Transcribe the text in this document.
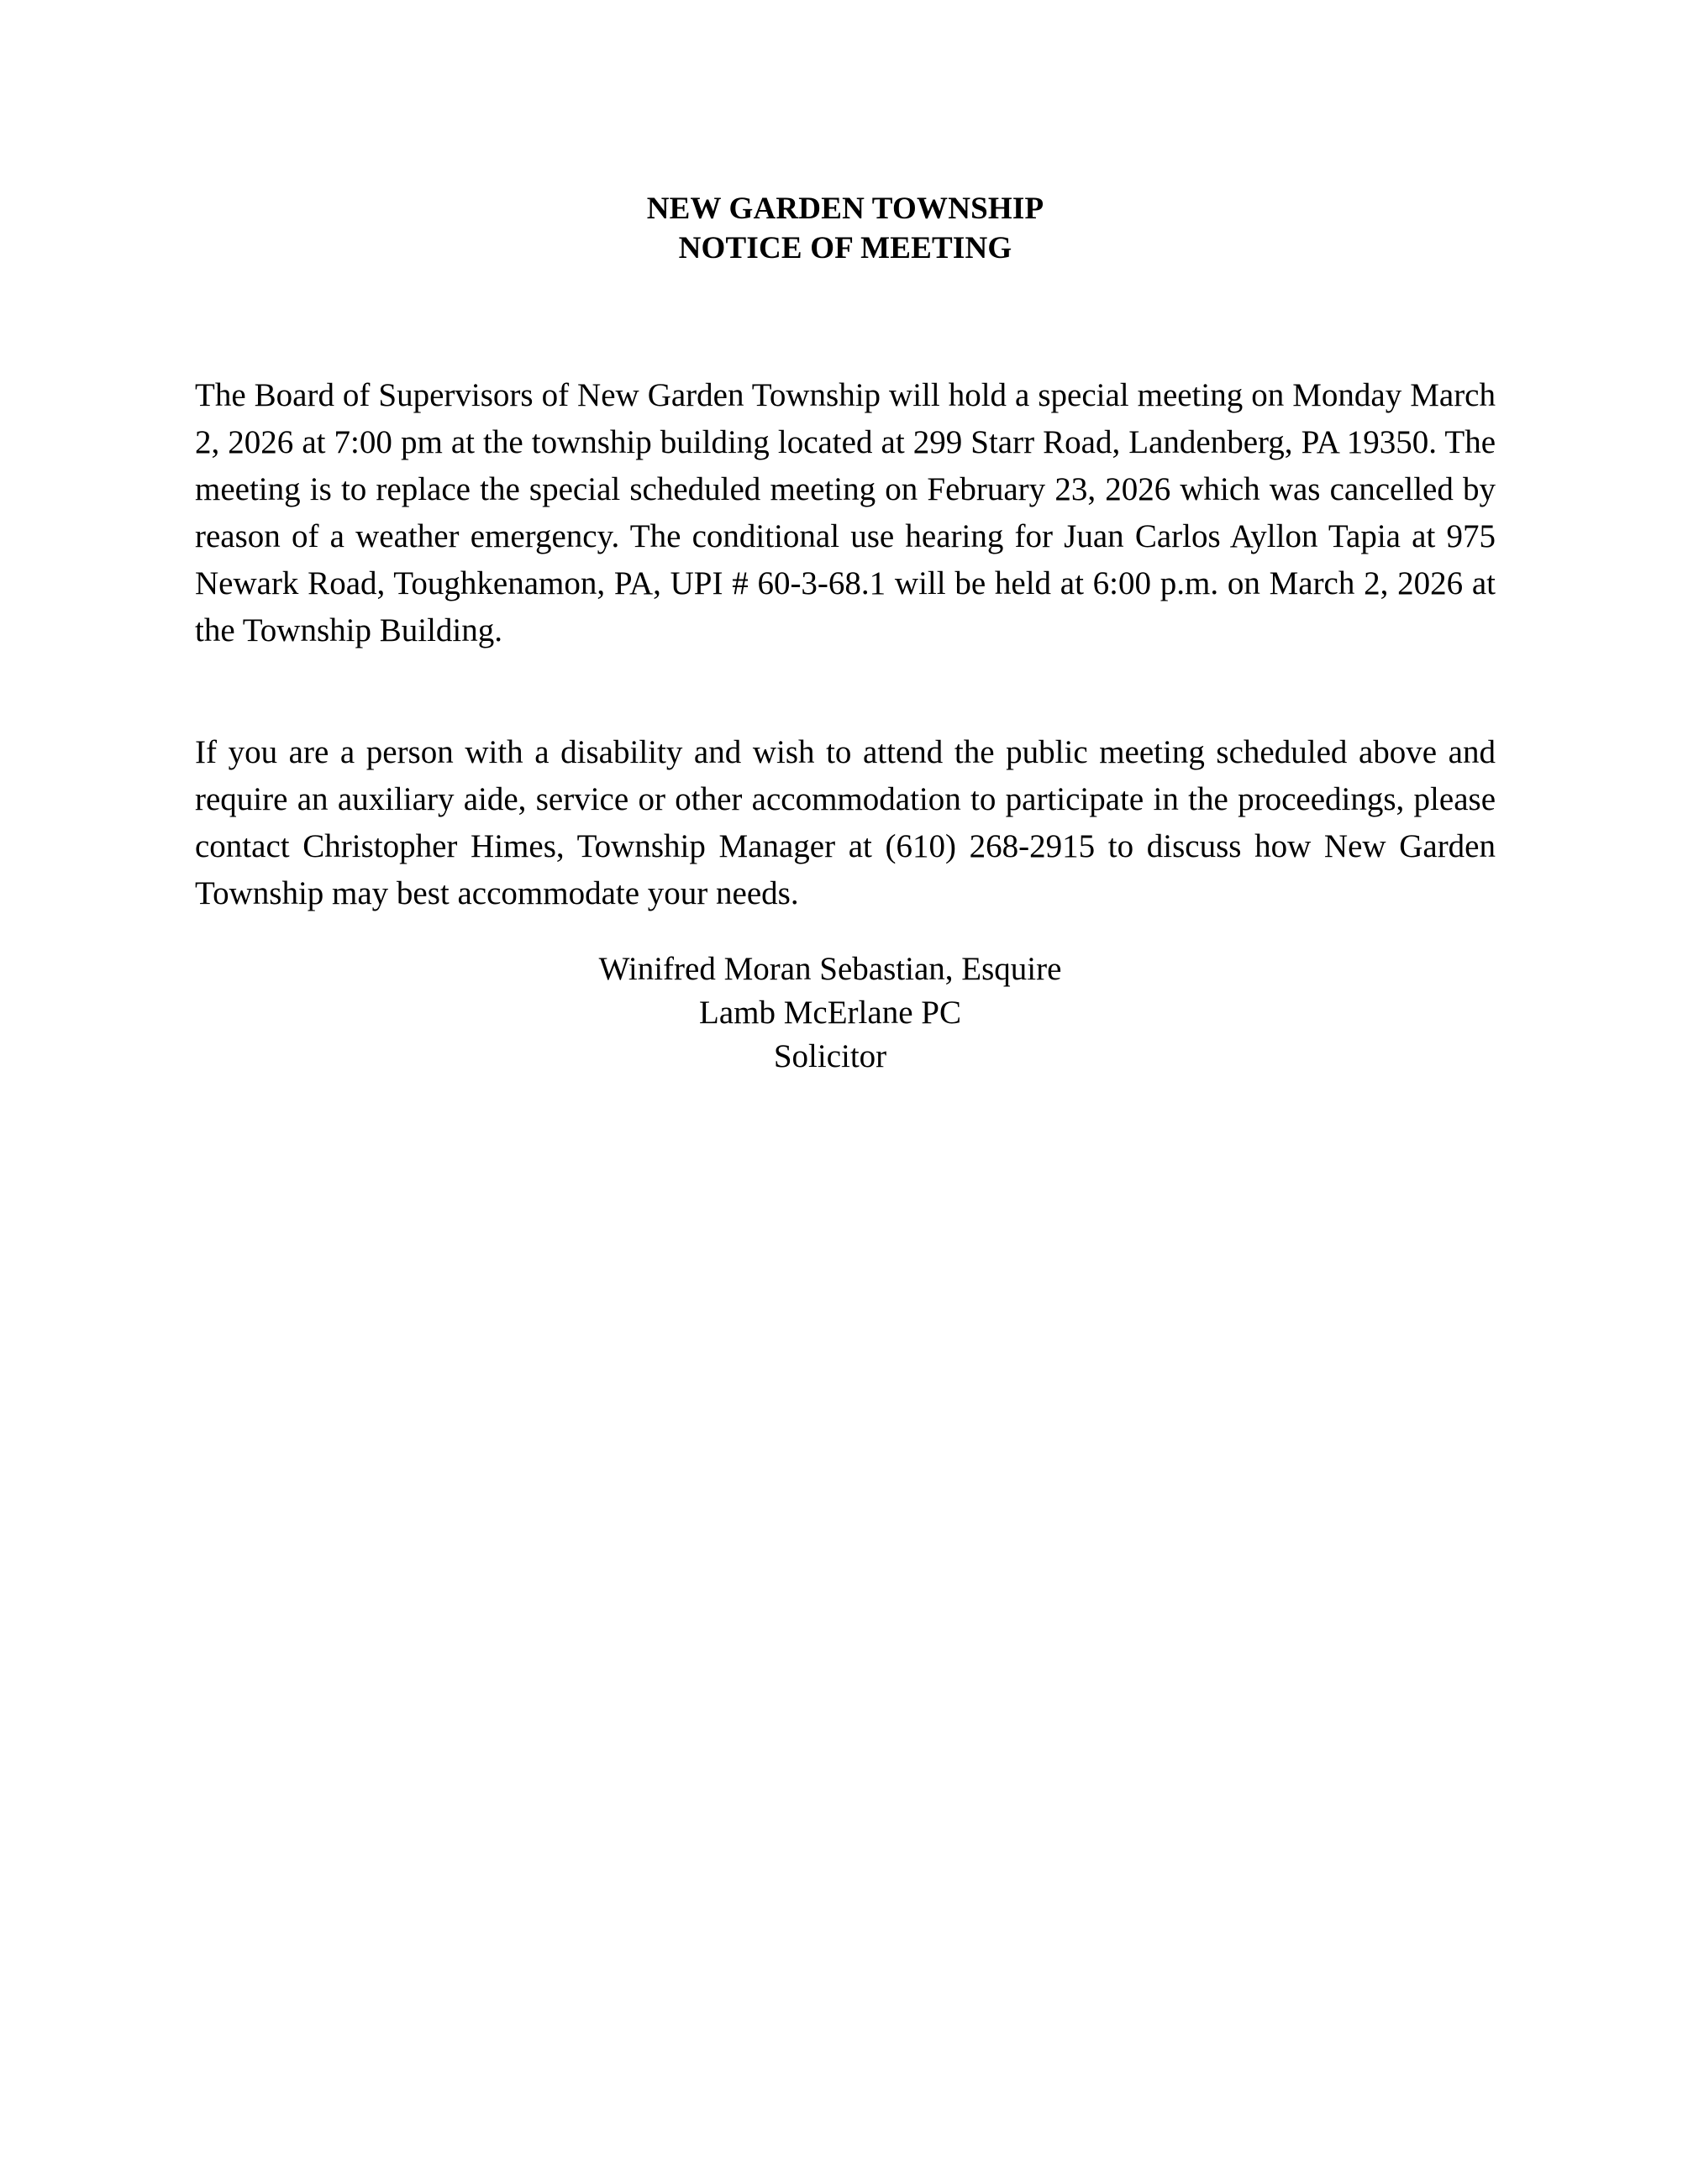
NEW GARDEN TOWNSHIP
NOTICE OF MEETING

The Board of Supervisors of New Garden Township will hold a special meeting on Monday March 2, 2026 at 7:00 pm at the township building located at 299 Starr Road, Landenberg, PA 19350. The meeting is to replace the special scheduled meeting on February 23, 2026 which was cancelled by reason of a weather emergency. The conditional use hearing for Juan Carlos Ayllon Tapia at 975 Newark Road, Toughkenamon, PA, UPI # 60-3-68.1 will be held at 6:00 p.m. on March 2, 2026 at the Township Building.

If you are a person with a disability and wish to attend the public meeting scheduled above and require an auxiliary aide, service or other accommodation to participate in the proceedings, please contact Christopher Himes, Township Manager at (610) 268-2915 to discuss how New Garden Township may best accommodate your needs.

Winifred Moran Sebastian, Esquire
Lamb McErlane PC
Solicitor
